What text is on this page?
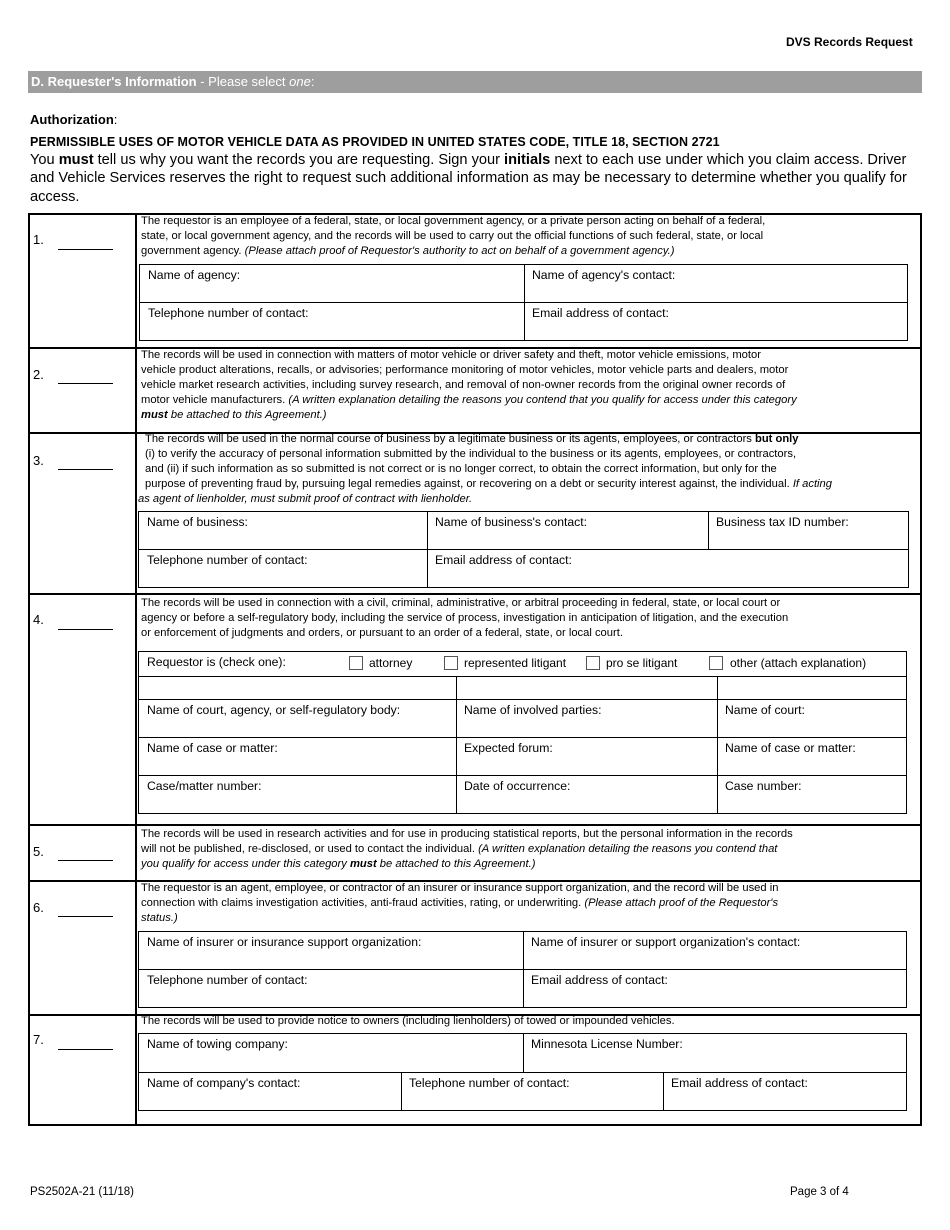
DVS Records Request
D. Requester's Information - Please select one:
Authorization:
PERMISSIBLE USES OF MOTOR VEHICLE DATA AS PROVIDED IN UNITED STATES CODE, TITLE 18, SECTION 2721
You must tell us why you want the records you are requesting. Sign your initials next to each use under which you claim access. Driver and Vehicle Services reserves the right to request such additional information as may be necessary to determine whether you qualify for access.
1.
2.
3.
4.
5.
6.
7.
The requestor is an employee of a federal, state, or local government agency, or a private person acting on behalf of a federal,
state, or local government agency, and the records will be used to carry out the official functions of such federal, state, or local
government agency. (Please attach proof of Requestor's authority to act on behalf of a government agency.)
Name of agency:	Name of agency's contact:
Telephone number of contact:	Email address of contact:
The records will be used in connection with matters of motor vehicle or driver safety and theft, motor vehicle emissions, motor
vehicle product alterations, recalls, or advisories; performance monitoring of motor vehicles, motor vehicle parts and dealers, motor
vehicle market research activities, including survey research, and removal of non-owner records from the original owner records of
motor vehicle manufacturers. (A written explanation detailing the reasons you contend that you qualify for access under this category
must be attached to this Agreement.)
The records will be used in the normal course of business by a legitimate business or its agents, employees, or contractors but only
(i) to verify the accuracy of personal information submitted by the individual to the business or its agents, employees, or contractors,
and (ii) if such information as so submitted is not correct or is no longer correct, to obtain the correct information, but only for the
purpose of preventing fraud by, pursuing legal remedies against, or recovering on a debt or security interest against, the individual. If acting
as agent of lienholder, must submit proof of contract with lienholder.
Name of business:	Name of business's contact:	Business tax ID number:
Telephone number of contact:	Email address of contact:
The records will be used in connection with a civil, criminal, administrative, or arbitral proceeding in federal, state, or local court or
agency or before a self-regulatory body, including the service of process, investigation in anticipation of litigation, and the execution
or enforcement of judgments and orders, or pursuant to an order of a federal, state, or local court.
Requestor is (check one):
Name of court, agency, or self-regulatory body:	Name of involved parties:	Name of court:
Name of case or matter:	Expected forum:	Name of case or matter:
Case/matter number:	Date of occurrence:	Case number:
attorney	represented litigant	pro se litigant	other (attach explanation)
The records will be used in research activities and for use in producing statistical reports, but the personal information in the records
will not be published, re-disclosed, or used to contact the individual. (A written explanation detailing the reasons you contend that
you qualify for access under this category must be attached to this Agreement.)
The requestor is an agent, employee, or contractor of an insurer or insurance support organization, and the record will be used in
connection with claims investigation activities, anti-fraud activities, rating, or underwriting. (Please attach proof of the Requestor's
status.)
Name of insurer or insurance support organization:	Name of insurer or support organization's contact:
Telephone number of contact:	Email address of contact:
The records will be used to provide notice to owners (including lienholders) of towed or impounded vehicles.
Name of towing company:	Minnesota License Number:
Name of company's contact:	Telephone number of contact:	Email address of contact:
PS2502A-21 (11/18)	Page 3 of 4
